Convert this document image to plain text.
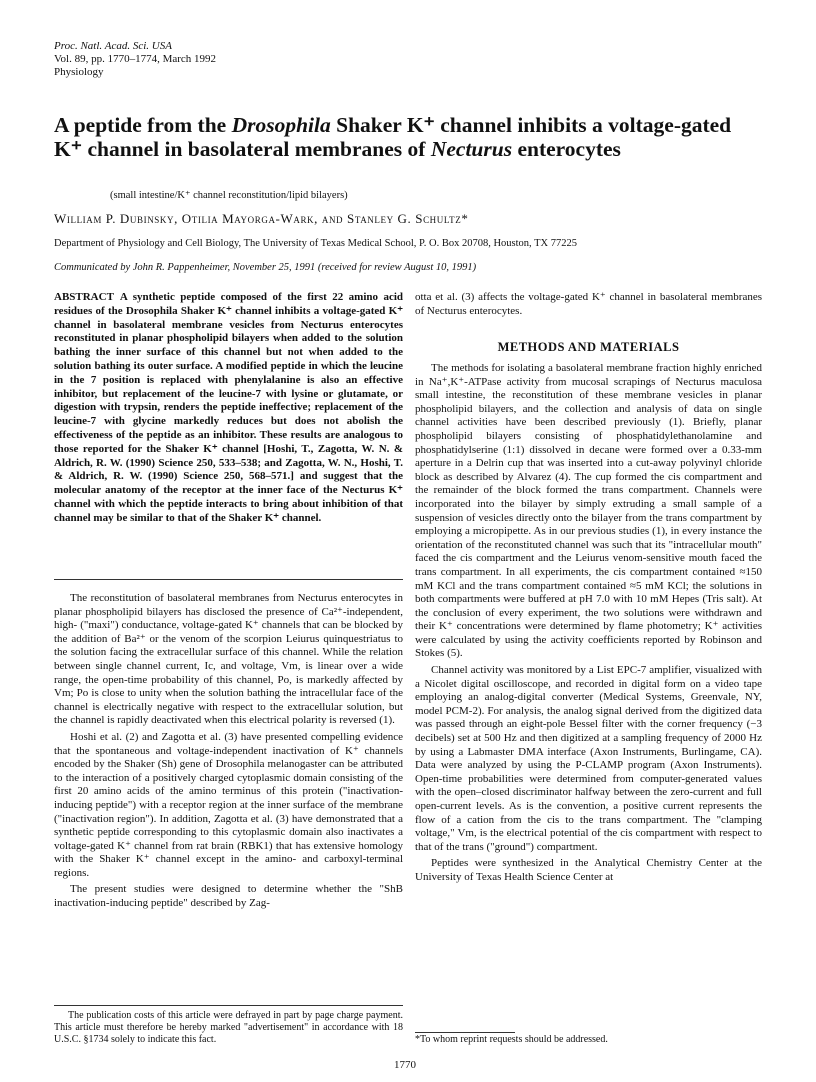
Proc. Natl. Acad. Sci. USA
Vol. 89, pp. 1770–1774, March 1992
Physiology
A peptide from the Drosophila Shaker K⁺ channel inhibits a voltage-gated K⁺ channel in basolateral membranes of Necturus enterocytes
(small intestine/K⁺ channel reconstitution/lipid bilayers)
William P. Dubinsky, Otilia Mayorga-Wark, and Stanley G. Schultz*
Department of Physiology and Cell Biology, The University of Texas Medical School, P. O. Box 20708, Houston, TX 77225
Communicated by John R. Pappenheimer, November 25, 1991 (received for review August 10, 1991)

ABSTRACT A synthetic peptide composed of the first 22 amino acid residues of the Drosophila Shaker K⁺ channel inhibits a voltage-gated K⁺ channel in basolateral membrane vesicles from Necturus enterocytes reconstituted in planar phospholipid bilayers when added to the solution bathing the inner surface of this channel but not when added to the solution bathing its outer surface. A modified peptide in which the leucine in the 7 position is replaced with phenylalanine is also an effective inhibitor, but replacement of the leucine-7 with lysine or glutamate, or digestion with trypsin, renders the peptide ineffective; replacement of the leucine-7 with glycine markedly reduces but does not abolish the effectiveness of the peptide as an inhibitor. These results are analogous to those reported for the Shaker K⁺ channel [Hoshi, T., Zagotta, W. N. & Aldrich, R. W. (1990) Science 250, 533–538; and Zagotta, W. N., Hoshi, T. & Aldrich, R. W. (1990) Science 250, 568–571.] and suggest that the molecular anatomy of the receptor at the inner face of the Necturus K⁺ channel with which the peptide interacts to bring about inhibition of that channel may be similar to that of the Shaker K⁺ channel.

The reconstitution of basolateral membranes from Necturus enterocytes in planar phospholipid bilayers has disclosed the presence of Ca²⁺-independent, high- ("maxi") conductance, voltage-gated K⁺ channels that can be blocked by the addition of Ba²⁺ or the venom of the scorpion Leiurus quinquestriatus to the solution facing the extracellular surface of this channel. While the relation between single channel current, Ic, and voltage, Vm, is linear over a wide range, the open-time probability of this channel, Po, is markedly affected by Vm; Po is close to unity when the solution bathing the intracellular face of the channel is electrically negative with respect to the extracellular solution, but the channel is rapidly deactivated when this electrical polarity is reversed (1).

Hoshi et al. (2) and Zagotta et al. (3) have presented compelling evidence that the spontaneous and voltage-independent inactivation of K⁺ channels encoded by the Shaker (Sh) gene of Drosophila melanogaster can be attributed to the interaction of a positively charged cytoplasmic domain consisting of the first 20 amino acids of the amino terminus of this protein ("inactivation-inducing peptide") with a receptor region at the inner surface of the membrane ("inactivation region"). In addition, Zagotta et al. (3) have demonstrated that a synthetic peptide corresponding to this cytoplasmic domain also inactivates a voltage-gated K⁺ channel from rat brain (RBK1) that has extensive homology with the Shaker K⁺ channel except in the amino- and carboxyl-terminal regions.

The present studies were designed to determine whether the "ShB inactivation-inducing peptide" described by Zag-

The publication costs of this article were defrayed in part by page charge payment. This article must therefore be hereby marked "advertisement" in accordance with 18 U.S.C. §1734 solely to indicate this fact.

otta et al. (3) affects the voltage-gated K⁺ channel in basolateral membranes of Necturus enterocytes.

METHODS AND MATERIALS

The methods for isolating a basolateral membrane fraction highly enriched in Na⁺,K⁺-ATPase activity from mucosal scrapings of Necturus maculosa small intestine, the reconstitution of these membrane vesicles in planar phospholipid bilayers, and the collection and analysis of data on single channel activities have been described previously (1). Briefly, planar phospholipid bilayers consisting of phosphatidylethanolamine and phosphatidylserine (1:1) dissolved in decane were formed over a 0.33-mm aperture in a Delrin cup that was inserted into a cut-away polyvinyl chloride block as described by Alvarez (4). The cup formed the cis compartment and the remainder of the block formed the trans compartment. Channels were incorporated into the bilayer by simply extruding a small sample of a suspension of vesicles directly onto the bilayer from the trans compartment by employing a micropipette. As in our previous studies (1), in every instance the orientation of the reconstituted channel was such that its "intracellular mouth" faced the cis compartment and the Leiurus venom-sensitive mouth faced the trans compartment. In all experiments, the cis compartment contained ≈150 mM KCl and the trans compartment contained ≈5 mM KCl; the solutions in both compartments were buffered at pH 7.0 with 10 mM Hepes (Tris salt). At the conclusion of every experiment, the two solutions were withdrawn and their K⁺ concentrations were determined by flame photometry; K⁺ activities were calculated by using the activity coefficients reported by Robinson and Stokes (5).

Channel activity was monitored by a List EPC-7 amplifier, visualized with a Nicolet digital oscilloscope, and recorded in digital form on a video tape employing an analog-digital converter (Medical Systems, Greenvale, NY, model PCM-2). For analysis, the analog signal derived from the digitized data was passed through an eight-pole Bessel filter with the corner frequency (−3 decibels) set at 500 Hz and then digitized at a sampling frequency of 2000 Hz by using a Labmaster DMA interface (Axon Instruments, Burlingame, CA). Data were analyzed by using the P-CLAMP program (Axon Instruments). Open-time probabilities were determined from computer-generated values with the open–closed discriminator halfway between the zero-current and full open-current levels. As is the convention, a positive current represents the flow of a cation from the cis to the trans compartment. The "clamping voltage," Vm, is the electrical potential of the cis compartment with respect to that of the trans ("ground") compartment.

Peptides were synthesized in the Analytical Chemistry Center at the University of Texas Health Science Center at

*To whom reprint requests should be addressed.

1770
